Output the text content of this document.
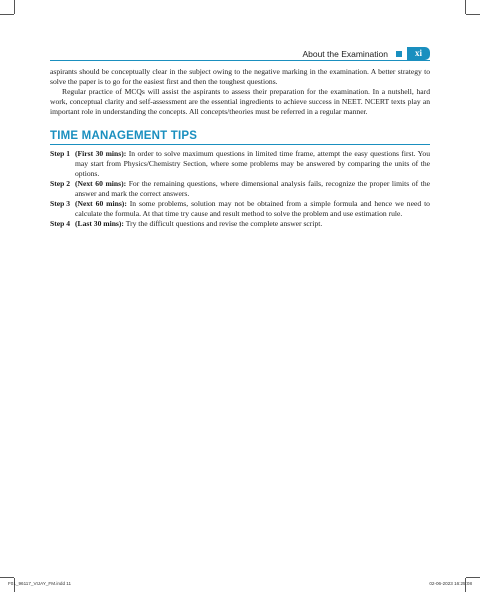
About the Examination	xi

aspirants should be conceptually clear in the subject owing to the negative marking in the examination. A better strategy to solve the paper is to go for the easiest first and then the toughest questions.

Regular practice of MCQs will assist the aspirants to assess their preparation for the examination. In a nutshell, hard work, conceptual clarity and self-assessment are the essential ingredients to achieve success in NEET. NCERT texts play an important role in understanding the concepts. All concepts/theories must be referred in a regular manner.

TIME MANAGEMENT TIPS
Step 1 (First 30 mins): In order to solve maximum questions in limited time frame, attempt the easy questions first. You may start from Physics/Chemistry Section, where some problems may be answered by comparing the units of the options.
Step 2 (Next 60 mins): For the remaining questions, where dimensional analysis fails, recognize the proper limits of the answer and mark the correct answers.
Step 3 (Next 60 mins): In some problems, solution may not be obtained from a simple formula and hence we need to calculate the formula. At that time try cause and result method to solve the problem and use estimation rule.
Step 4 (Last 30 mins): Try the difficult questions and revise the complete answer script.
F01_96117_VIJAY_FM.indd 11	02-06-2023 16:25:08
